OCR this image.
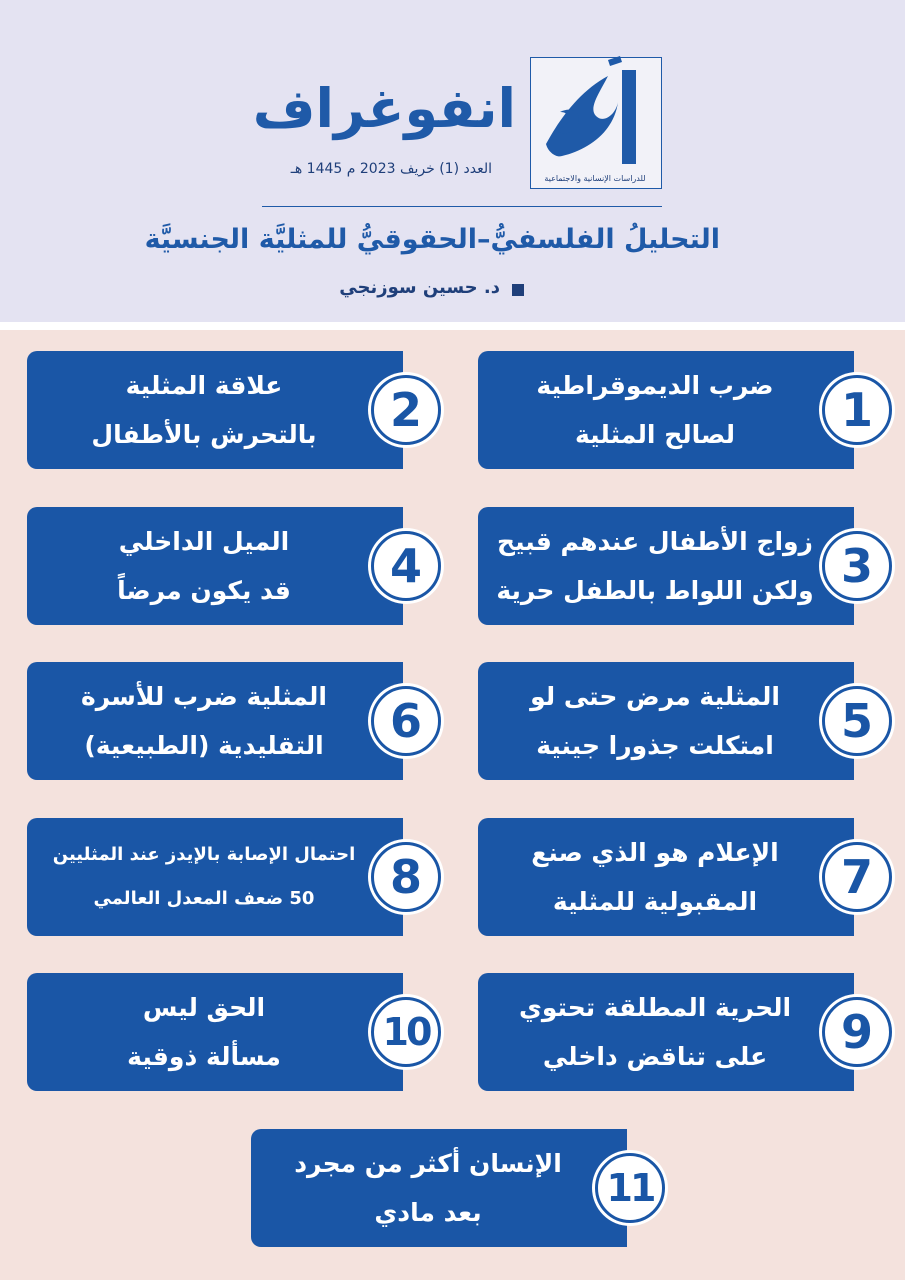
للدراسات الإنسانية والاجتماعية
انفوغراف
العدد (1) خريف 2023 م 1445 هـ
التحليلُ الفلسفيُّ–الحقوقيُّ للمثليَّة الجنسيَّة
د. حسين سوزنجي
ضرب الديموقراطية
لصالح المثلية	1
علاقة المثلية
بالتحرش بالأطفال	2
زواج الأطفال عندهم قبيح
ولكن اللواط بالطفل حرية 3
الميل الداخلي
قد يكون مرضاً	4
المثلية مرض حتى لو
امتكلت جذورا جينية	5
المثلية ضرب للأسرة
التقليدية (الطبيعية)	6
الإعلام هو الذي صنع
المقبولية للمثلية	7
احتمال الإصابة بالإيدز عند المثليين
50 ضعف المعدل العالمي	8
الحرية المطلقة تحتوي
على تناقض داخلي	9
الحق ليس
مسألة ذوقية
10
الإنسان أكثر من مجرد
بعد مادي
11
